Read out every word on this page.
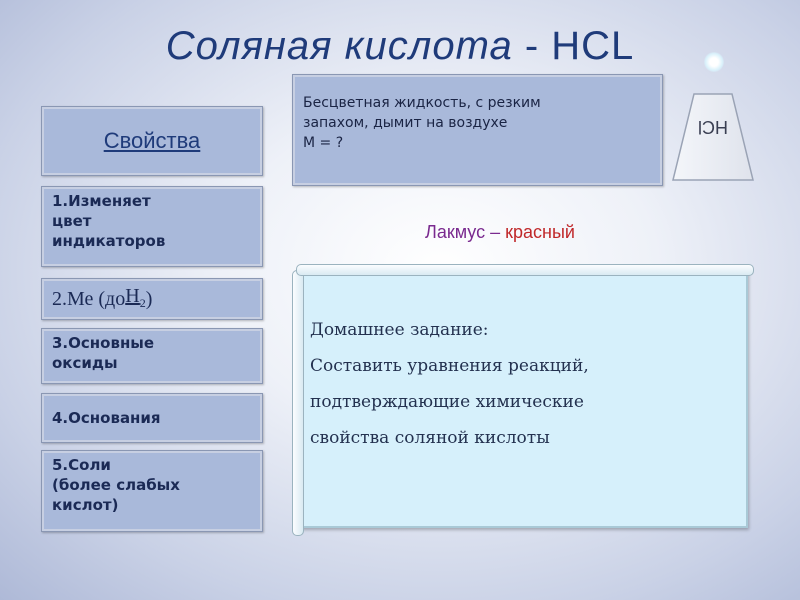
Соляная кислота - HCL
Свойства
1.Изменяет
цвет
индикаторов
2.Ме (до $Н_2$ )
3.Основные
оксиды
4.Основания
5.Соли
(более слабых
кислот)
Бесцветная жидкость, с резким
запахом, дымит на воздухе
М = ?
Лакмус – красный
Домашнее задание:
Составить уравнения реакций,
подтверждающие химические
свойства соляной кислоты
HCl
